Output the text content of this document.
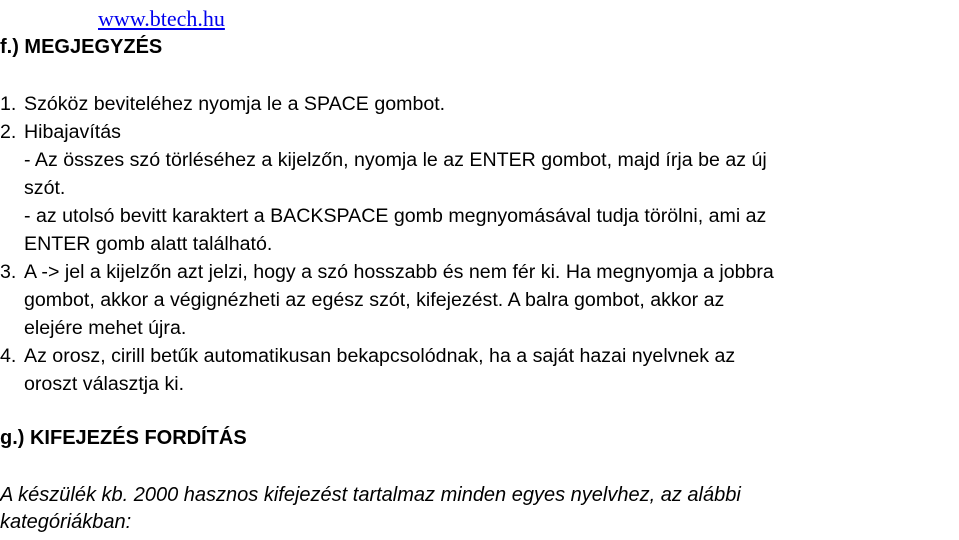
www.btech.hu
f.) MEGJEGYZÉS
1. Szóköz beviteléhez nyomja le a SPACE gombot.
2. Hibajavítás
- Az összes szó törléséhez a kijelzőn, nyomja le az ENTER gombot, majd írja be az új
szót.
- az utolsó bevitt karaktert a BACKSPACE gomb megnyomásával tudja törölni, ami az
ENTER gomb alatt található.
3. A -> jel a kijelzőn azt jelzi, hogy a szó hosszabb és nem fér ki. Ha megnyomja a jobbra
gombot, akkor a végignézheti az egész szót, kifejezést. A balra gombot, akkor az
elejére mehet újra.
4. Az orosz, cirill betűk automatikusan bekapcsolódnak, ha a saját hazai nyelvnek az
oroszt választja ki.
g.) KIFEJEZÉS FORDÍTÁS
A készülék kb. 2000 hasznos kifejezést tartalmaz minden egyes nyelvhez, az alábbi
kategóriákban:
